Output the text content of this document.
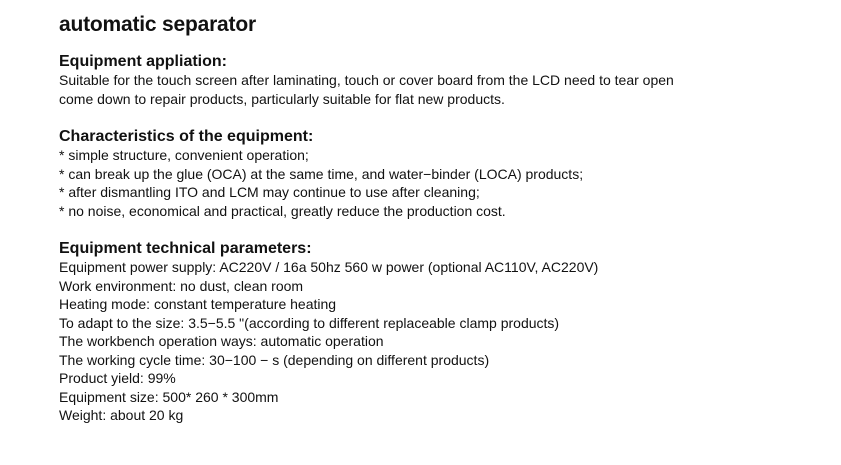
automatic separator
Equipment appliation:

Suitable for the touch screen after laminating, touch or cover board from the LCD need to tear open

come down to repair products, particularly suitable for flat new products.

Characteristics of the equipment:

* simple structure, convenient operation;

* can break up the glue (OCA) at the same time, and water−binder (LOCA) products;

* after dismantling ITO and LCM may continue to use after cleaning;

* no noise, economical and practical, greatly reduce the production cost.

Equipment technical parameters:

Equipment power supply: AC220V / 16a 50hz 560 w power (optional AC110V, AC220V)

Work environment: no dust, clean room

Heating mode: constant temperature heating

To adapt to the size: 3.5−5.5 "(according to different replaceable clamp products)

The workbench operation ways: automatic operation

The working cycle time: 30−100 − s (depending on different products)

Product yield: 99%

Equipment size: 500* 260 * 300mm

Weight: about 20 kg
